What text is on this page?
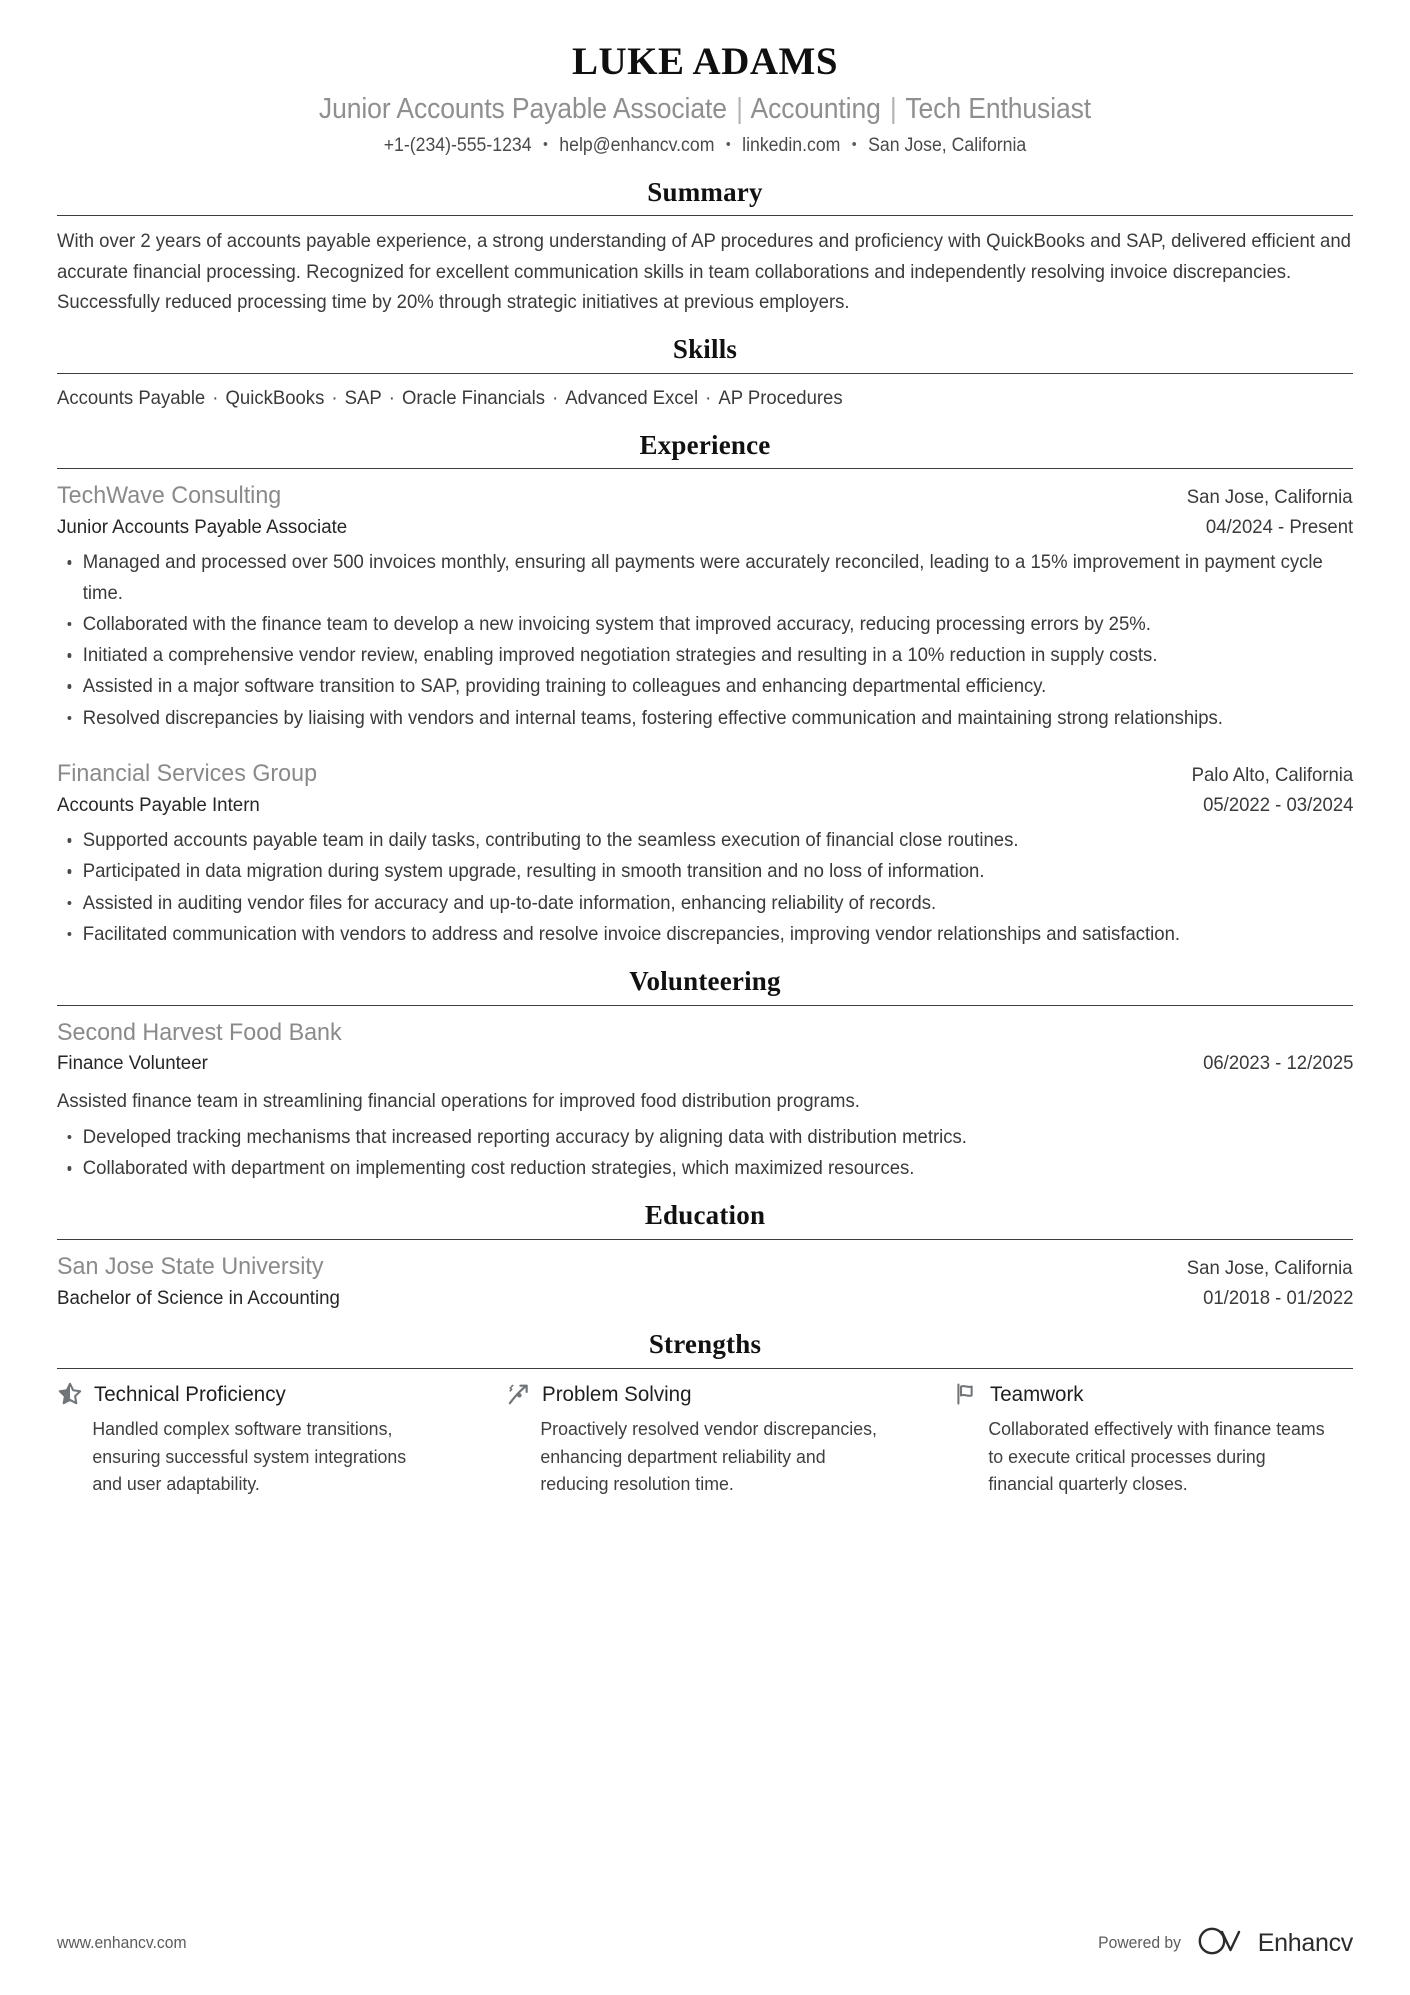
LUKE ADAMS
Junior Accounts Payable Associate | Accounting | Tech Enthusiast
+1-(234)-555-1234 • help@enhancv.com • linkedin.com • San Jose, California
Summary
With over 2 years of accounts payable experience, a strong understanding of AP procedures and proficiency with QuickBooks and SAP, delivered efficient and accurate financial processing. Recognized for excellent communication skills in team collaborations and independently resolving invoice discrepancies. Successfully reduced processing time by 20% through strategic initiatives at previous employers.
Skills
Accounts Payable · QuickBooks · SAP · Oracle Financials · Advanced Excel · AP Procedures
Experience
TechWave Consulting	San Jose, California
Junior Accounts Payable Associate	04/2024 - Present
Managed and processed over 500 invoices monthly, ensuring all payments were accurately reconciled, leading to a 15% improvement in payment cycle time.
Collaborated with the finance team to develop a new invoicing system that improved accuracy, reducing processing errors by 25%.
Initiated a comprehensive vendor review, enabling improved negotiation strategies and resulting in a 10% reduction in supply costs.
Assisted in a major software transition to SAP, providing training to colleagues and enhancing departmental efficiency.
Resolved discrepancies by liaising with vendors and internal teams, fostering effective communication and maintaining strong relationships.
Financial Services Group	Palo Alto, California
Accounts Payable Intern	05/2022 - 03/2024
Supported accounts payable team in daily tasks, contributing to the seamless execution of financial close routines.
Participated in data migration during system upgrade, resulting in smooth transition and no loss of information.
Assisted in auditing vendor files for accuracy and up-to-date information, enhancing reliability of records.
Facilitated communication with vendors to address and resolve invoice discrepancies, improving vendor relationships and satisfaction.
Volunteering
Second Harvest Food Bank
Finance Volunteer	06/2023 - 12/2025
Assisted finance team in streamlining financial operations for improved food distribution programs.
Developed tracking mechanisms that increased reporting accuracy by aligning data with distribution metrics.
Collaborated with department on implementing cost reduction strategies, which maximized resources.
Education
San Jose State University	San Jose, California
Bachelor of Science in Accounting	01/2018 - 01/2022
Strengths
Technical Proficiency
Handled complex software transitions, ensuring successful system integrations and user adaptability.
Problem Solving
Proactively resolved vendor discrepancies, enhancing department reliability and reducing resolution time.
Teamwork
Collaborated effectively with finance teams to execute critical processes during financial quarterly closes.
www.enhancv.com	Powered by	Enhancv
